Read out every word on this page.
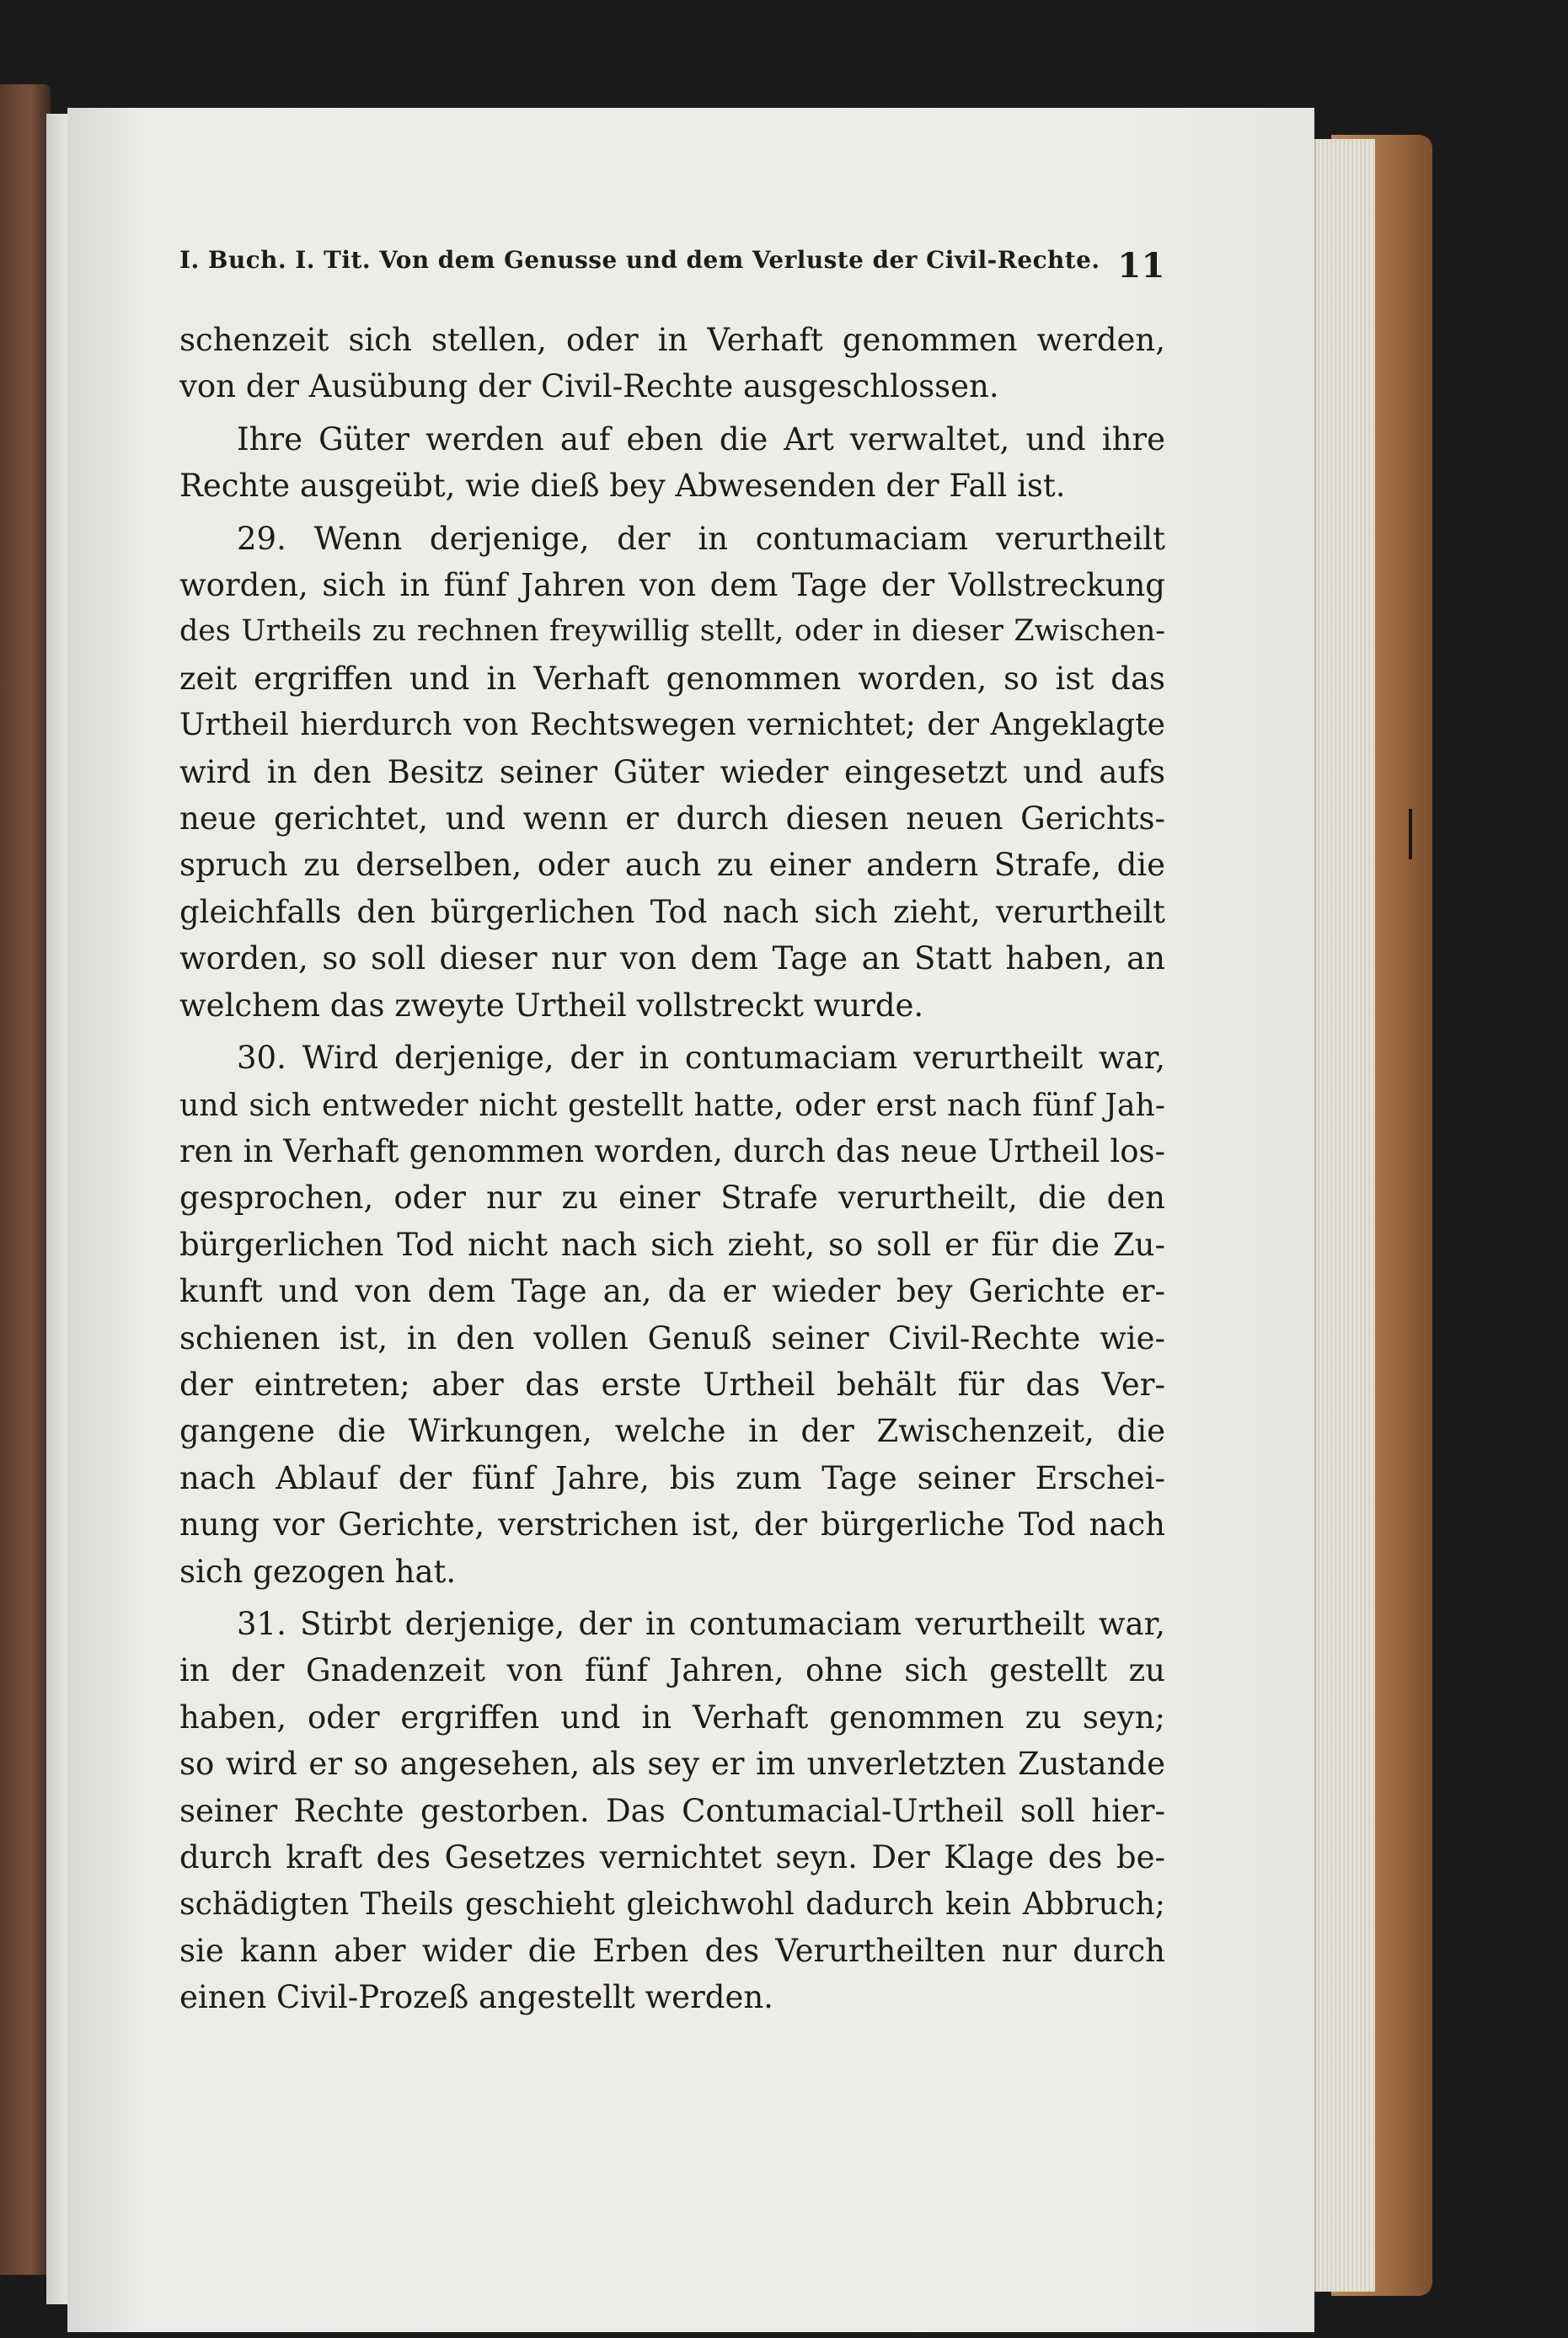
I. Buch. I. Tit. Von dem Genusse und dem Verluste der Civil-Rechte. 11
schenzeit sich stellen, oder in Verhaft genommen werden,
von der Ausübung der Civil-Rechte ausgeschlossen.
Ihre Güter werden auf eben die Art verwaltet, und ihre
Rechte ausgeübt, wie dieß bey Abwesenden der Fall ist.
29. Wenn derjenige, der in contumaciam verurtheilt
worden, sich in fünf Jahren von dem Tage der Vollstreckung
des Urtheils zu rechnen freywillig stellt, oder in dieser Zwischen-
zeit ergriffen und in Verhaft genommen worden, so ist das
Urtheil hierdurch von Rechtswegen vernichtet; der Angeklagte
wird in den Besitz seiner Güter wieder eingesetzt und aufs
neue gerichtet, und wenn er durch diesen neuen Gerichts-
spruch zu derselben, oder auch zu einer andern Strafe, die
gleichfalls den bürgerlichen Tod nach sich zieht, verurtheilt
worden, so soll dieser nur von dem Tage an Statt haben, an
welchem das zweyte Urtheil vollstreckt wurde.
30. Wird derjenige, der in contumaciam verurtheilt war,
und sich entweder nicht gestellt hatte, oder erst nach fünf Jah-
ren in Verhaft genommen worden, durch das neue Urtheil los-
gesprochen, oder nur zu einer Strafe verurtheilt, die den
bürgerlichen Tod nicht nach sich zieht, so soll er für die Zu-
kunft und von dem Tage an, da er wieder bey Gerichte er-
schienen ist, in den vollen Genuß seiner Civil-Rechte wie-
der eintreten; aber das erste Urtheil behält für das Ver-
gangene die Wirkungen, welche in der Zwischenzeit, die
nach Ablauf der fünf Jahre, bis zum Tage seiner Erschei-
nung vor Gerichte, verstrichen ist, der bürgerliche Tod nach
sich gezogen hat.
31. Stirbt derjenige, der in contumaciam verurtheilt war,
in der Gnadenzeit von fünf Jahren, ohne sich gestellt zu
haben, oder ergriffen und in Verhaft genommen zu seyn;
so wird er so angesehen, als sey er im unverletzten Zustande
seiner Rechte gestorben. Das Contumacial-Urtheil soll hier-
durch kraft des Gesetzes vernichtet seyn. Der Klage des be-
schädigten Theils geschieht gleichwohl dadurch kein Abbruch;
sie kann aber wider die Erben des Verurtheilten nur durch
einen Civil-Prozeß angestellt werden.
